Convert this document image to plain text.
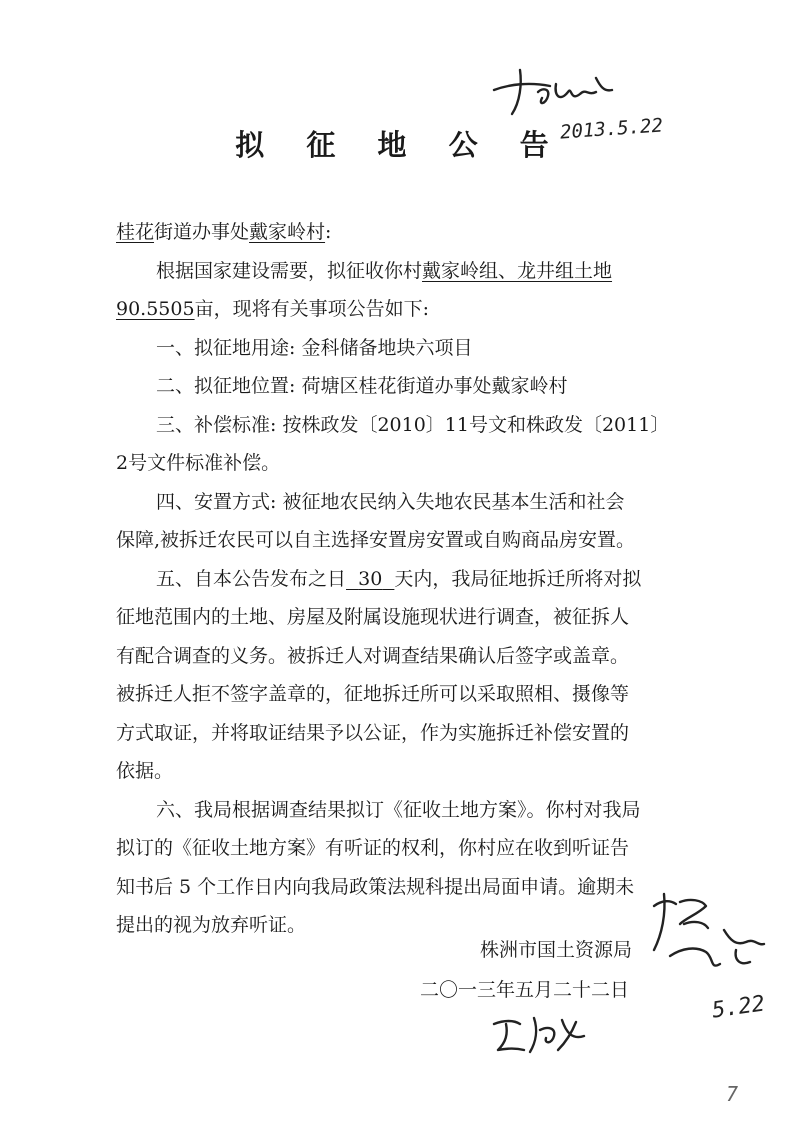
2013.5.22
拟 征 地 公 告
桂花街道办事处戴家岭村:
根据国家建设需要，拟征收你村戴家岭组、龙井组土地
90.5505亩，现将有关事项公告如下:
一、拟征地用途: 金科储备地块六项目
二、拟征地位置: 荷塘区桂花街道办事处戴家岭村
三、补偿标准: 按株政发〔2010〕11号文和株政发〔2011〕
2号文件标准补偿。
四、安置方式: 被征地农民纳入失地农民基本生活和社会
保障,被拆迁农民可以自主选择安置房安置或自购商品房安置。
五、自本公告发布之日 30 天内，我局征地拆迁所将对拟
征地范围内的土地、房屋及附属设施现状进行调查，被征拆人
有配合调查的义务。被拆迁人对调查结果确认后签字或盖章。
被拆迁人拒不签字盖章的，征地拆迁所可以采取照相、摄像等
方式取证，并将取证结果予以公证，作为实施拆迁补偿安置的
依据。
六、我局根据调查结果拟订《征收土地方案》。你村对我局
拟订的《征收土地方案》有听证的权利，你村应在收到听证告
知书后 5 个工作日内向我局政策法规科提出局面申请。逾期未
提出的视为放弃听证。
株洲市国土资源局
二〇一三年五月二十二日
5.22
7
